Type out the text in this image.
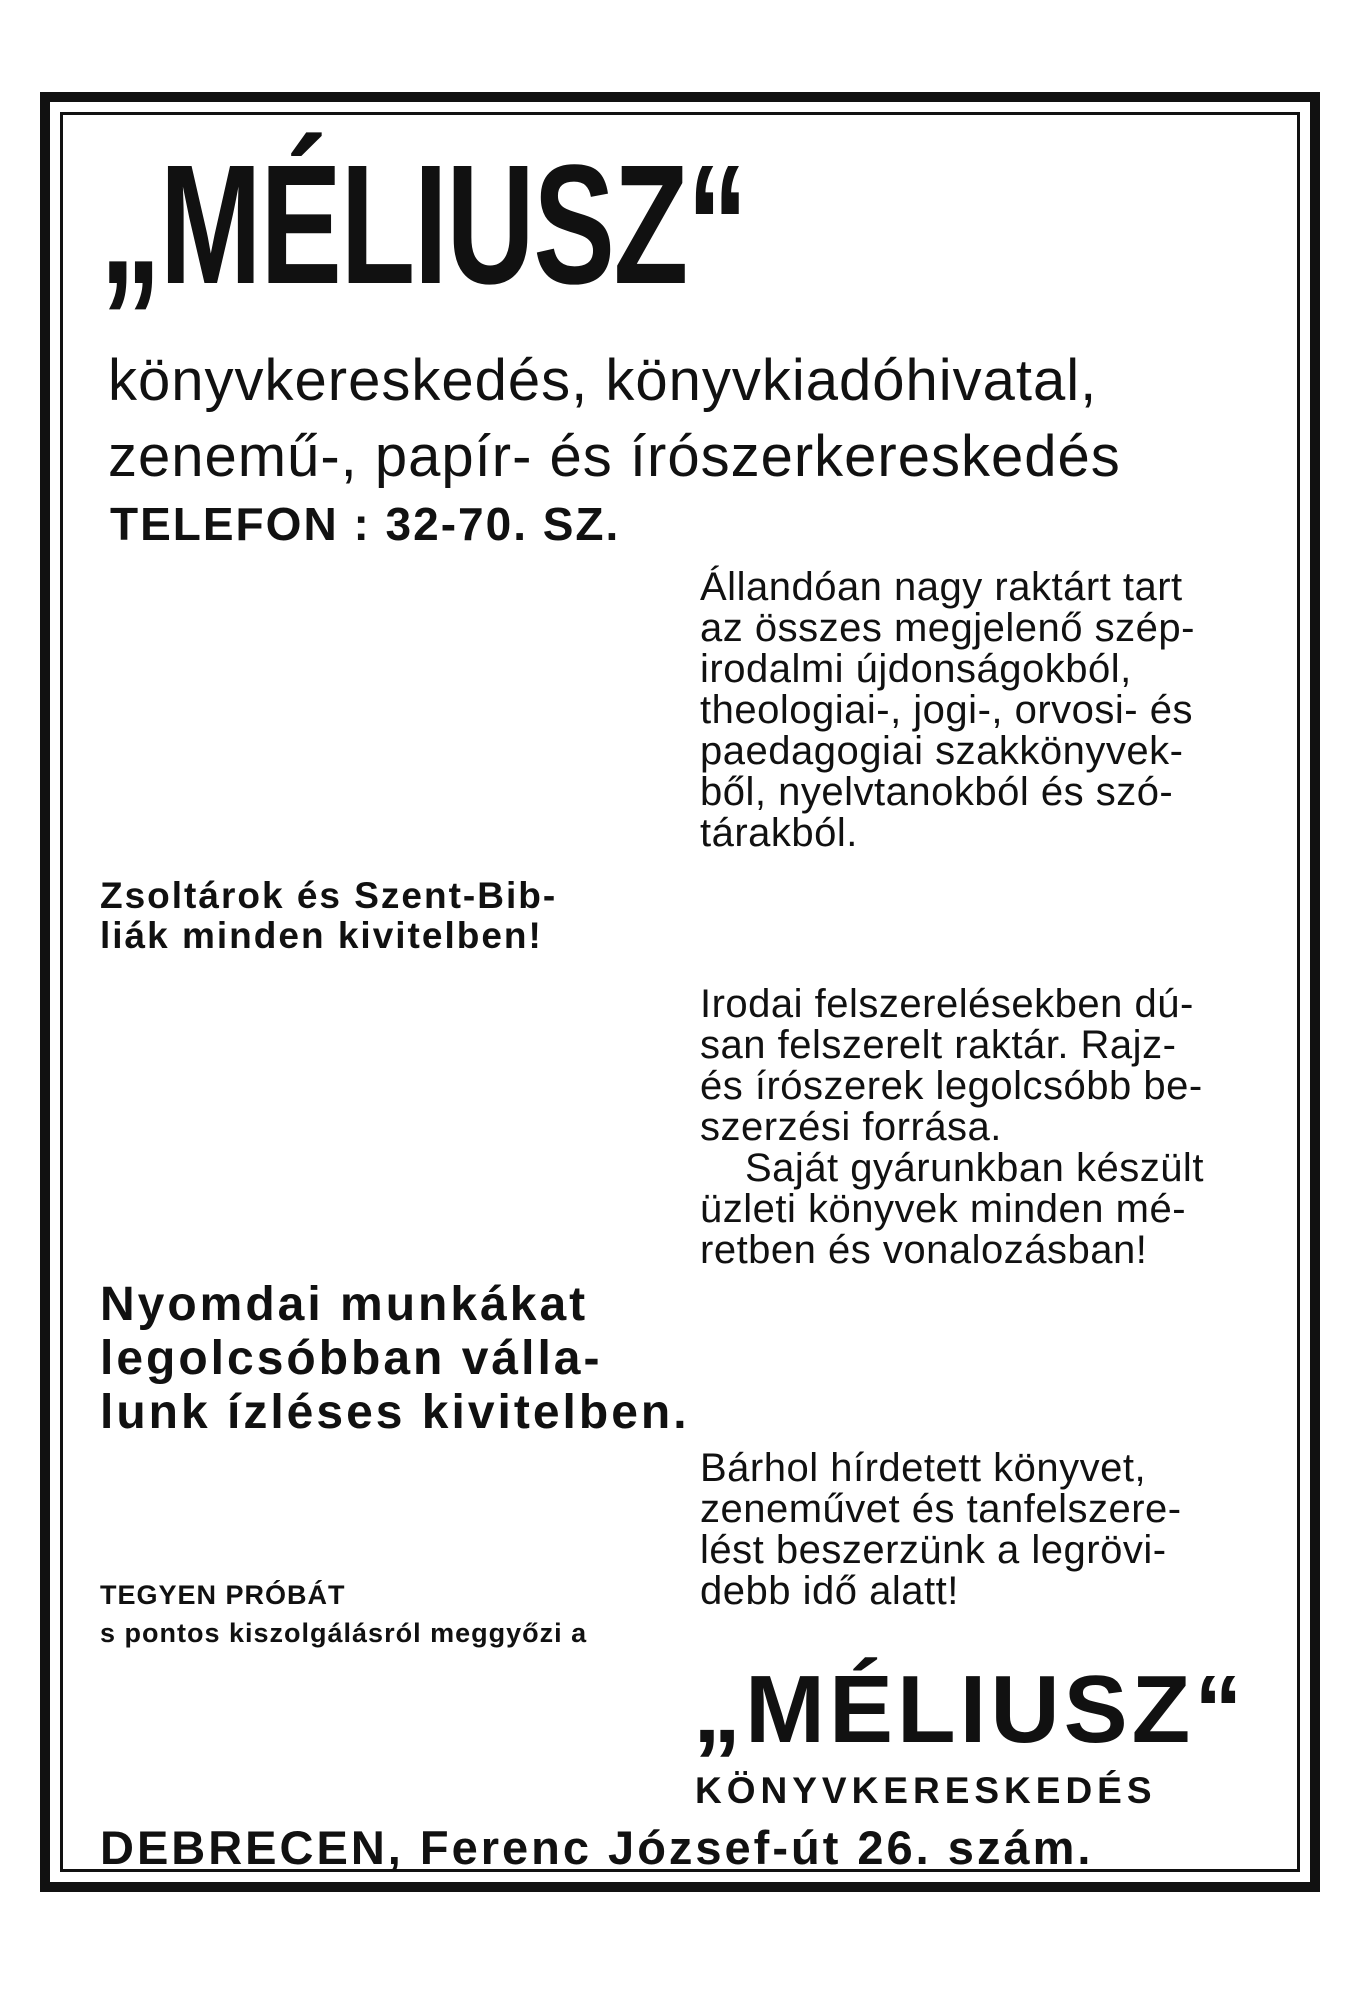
„MÉLIUSZ“
könyvkereskedés, könyvkiadóhivatal,
zenemű-, papír- és írószerkereskedés
TELEFON : 32-70. SZ.
Állandóan nagy raktárt tart
az összes megjelenő szép-
irodalmi újdonságokból,
theologiai-, jogi-, orvosi- és
paedagogiai szakkönyvek-
ből, nyelvtanokból és szó-
tárakból.
Zsoltárok és Szent-Bib-
liák minden kivitelben!
Irodai felszerelésekben dú-
san felszerelt raktár. Rajz-
és írószerek legolcsóbb be-
szerzési forrása.
Saját gyárunkban készült
üzleti könyvek minden mé-
retben és vonalozásban!
Nyomdai munkákat
legolcsóbban válla-
lunk ízléses kivitelben.
Bárhol hírdetett könyvet,
zeneművet és tanfelszere-
lést beszerzünk a legrövi-
debb idő alatt!
TEGYEN PRÓBÁT
s pontos kiszolgálásról meggyőzi a
„MÉLIUSZ“
KÖNYVKERESKEDÉS
DEBRECEN, Ferenc József-út 26. szám.
